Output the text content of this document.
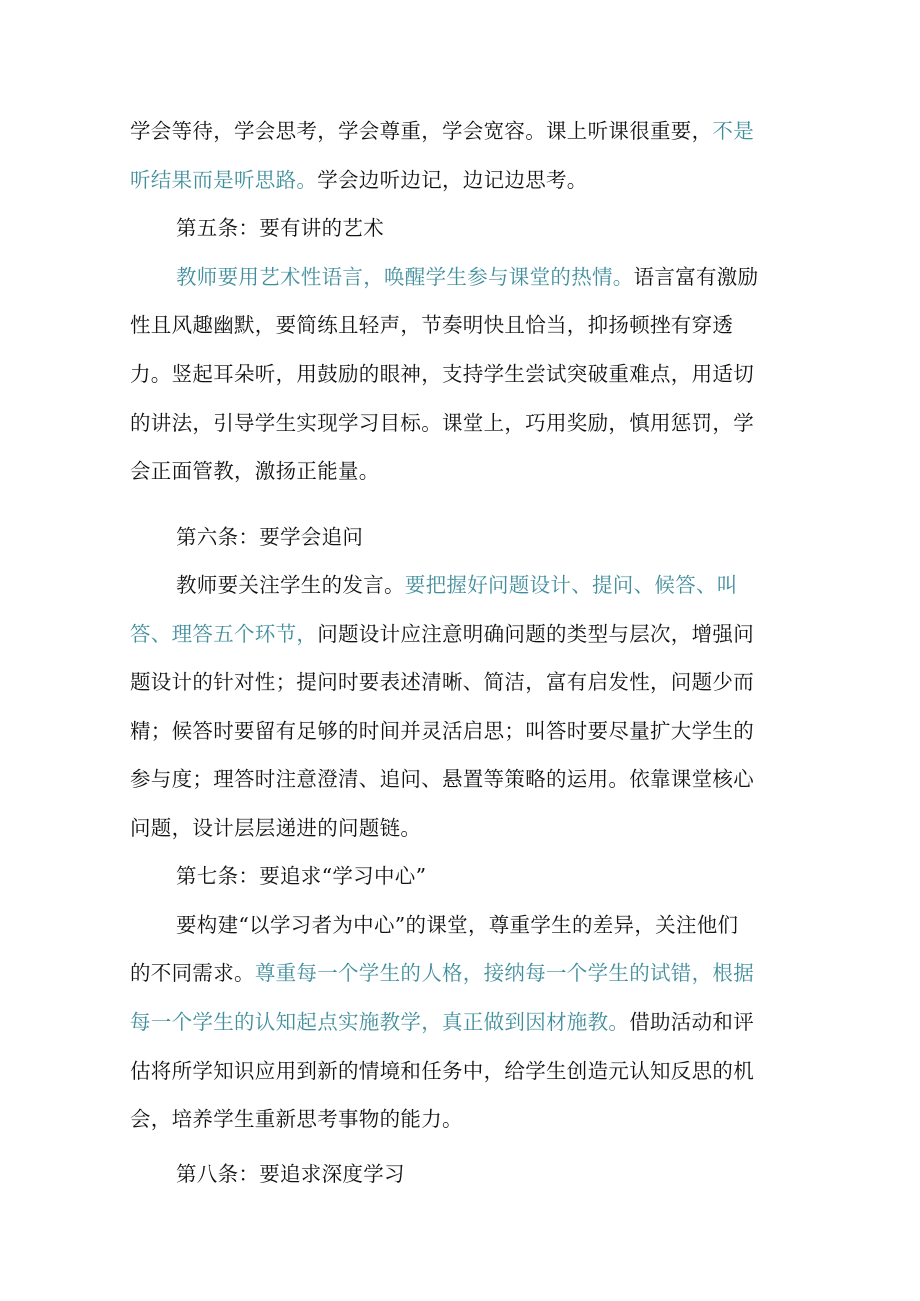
学会等待，学会思考，学会尊重，学会宽容。课上听课很重要，不是
听结果而是听思路。学会边听边记，边记边思考。
第五条：要有讲的艺术
教师要用艺术性语言，唤醒学生参与课堂的热情。语言富有激励
性且风趣幽默，要简练且轻声，节奏明快且恰当，抑扬顿挫有穿透
力。竖起耳朵听，用鼓励的眼神，支持学生尝试突破重难点，用适切
的讲法，引导学生实现学习目标。课堂上，巧用奖励，慎用惩罚，学
会正面管教，激扬正能量。
第六条：要学会追问
教师要关注学生的发言。要把握好问题设计、提问、候答、叫
答、理答五个环节，问题设计应注意明确问题的类型与层次，增强问
题设计的针对性；提问时要表述清晰、简洁，富有启发性，问题少而
精；候答时要留有足够的时间并灵活启思；叫答时要尽量扩大学生的
参与度；理答时注意澄清、追问、悬置等策略的运用。依靠课堂核心
问题，设计层层递进的问题链。
第七条：要追求“学习中心”
要构建“以学习者为中心”的课堂，尊重学生的差异，关注他们
的不同需求。尊重每一个学生的人格，接纳每一个学生的试错，根据
每一个学生的认知起点实施教学，真正做到因材施教。借助活动和评
估将所学知识应用到新的情境和任务中，给学生创造元认知反思的机
会，培养学生重新思考事物的能力。
第八条：要追求深度学习
